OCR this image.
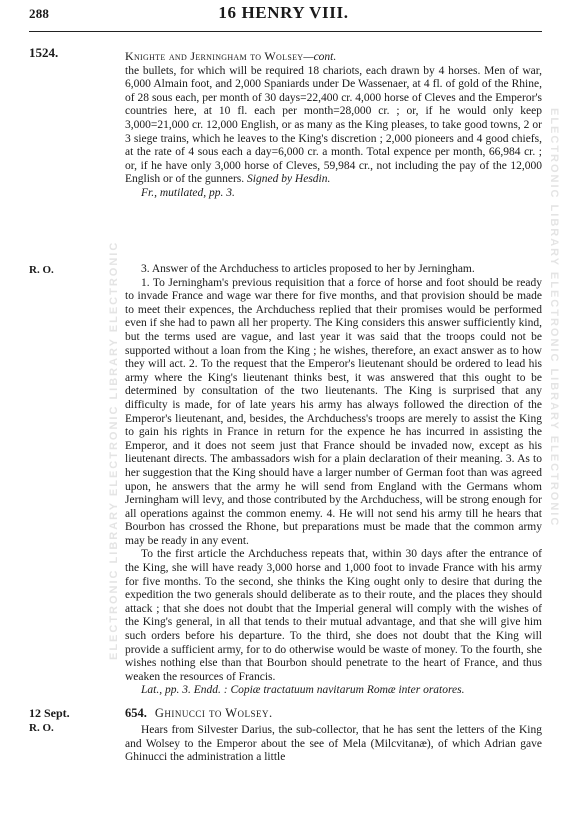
288	16 HENRY VIII.
1524.
ELECTRONIC LIBRARY ELECTRONIC LIBRARY ELECTRONIC	ELECTRONIC LIBRARY ELECTRONIC LIBRARY ELECTRONIC

Knighte and Jerningham to Wolsey—cont.

the bullets, for which will be required 18 chariots, each drawn by 4 horses. Men of war, 6,000 Almain foot, and 2,000 Spaniards under De Wassenaer, at 4 fl. of gold of the Rhine, of 28 sous each, per month of 30 days=22,400 cr. 4,000 horse of Cleves and the Emperor's countries here, at 10 fl. each per month=28,000 cr. ; or, if he would only keep 3,000=21,000 cr. 12,000 English, or as many as the King pleases, to take good towns, 2 or 3 siege trains, which he leaves to the King's discretion ; 2,000 pioneers and 4 good chiefs, at the rate of 4 sous each a day=6,000 cr. a month. Total expence per month, 66,984 cr. ; or, if he have only 3,000 horse of Cleves, 59,984 cr., not including the pay of the 12,000 English or of the gunners. Signed by Hesdin.

Fr., mutilated, pp. 3.

R. O.	3. Answer of the Archduchess to articles proposed to her by Jerningham.

1. To Jerningham's previous requisition that a force of horse and foot should be ready to invade France and wage war there for five months, and that provision should be made to meet their expences, the Archduchess replied that their promises would be performed even if she had to pawn all her property. The King considers this answer sufficiently kind, but the terms used are vague, and last year it was said that the troops could not be supported without a loan from the King ; he wishes, therefore, an exact answer as to how they will act. 2. To the request that the Emperor's lieutenant should be ordered to lead his army where the King's lieutenant thinks best, it was answered that this ought to be determined by consultation of the two lieutenants. The King is surprised that any difficulty is made, for of late years his army has always followed the direction of the Emperor's lieutenant, and, besides, the Archduchess's troops are merely to assist the King to gain his rights in France in return for the expence he has incurred in assisting the Emperor, and it does not seem just that France should be invaded now, except as his lieutenant directs. The ambassadors wish for a plain declaration of their meaning. 3. As to her suggestion that the King should have a larger number of German foot than was agreed upon, he answers that the army he will send from England with the Germans whom Jerningham will levy, and those contributed by the Archduchess, will be strong enough for all operations against the common enemy. 4. He will not send his army till he hears that Bourbon has crossed the Rhone, but preparations must be made that the common army may be ready in any event.

To the first article the Archduchess repeats that, within 30 days after the entrance of the King, she will have ready 3,000 horse and 1,000 foot to invade France with his army for five months. To the second, she thinks the King ought only to desire that during the expedition the two generals should deliberate as to their route, and the places they should attack ; that she does not doubt that the Imperial general will comply with the wishes of the King's general, in all that tends to their mutual advantage, and that she will give him such orders before his departure. To the third, she does not doubt that the King will provide a sufficient army, for to do otherwise would be waste of money. To the fourth, she wishes nothing else than that Bourbon should penetrate to the heart of France, and thus weaken the resources of Francis.

Lat., pp. 3. Endd. : Copiæ tractatuum navitarum Romæ inter oratores.

12 Sept.
R. O.
654. Ghinucci to Wolsey.

Hears from Silvester Darius, the sub-collector, that he has sent the letters of the King and Wolsey to the Emperor about the see of Mela (Milcvitanæ), of which Adrian gave Ghinucci the administration a little
